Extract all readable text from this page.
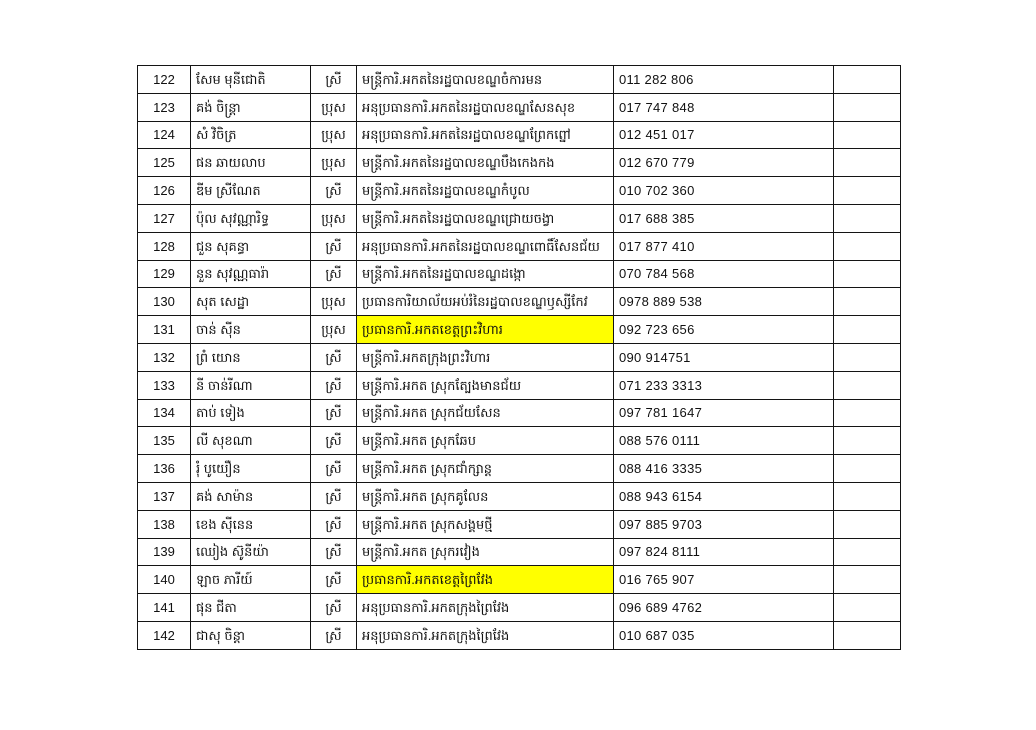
122	សែម មុនីជោតិ	ស្រី	មន្ត្រីការិ.អកតនៃរដ្ឋបាលខណ្ឌចំការមន	011 282 806	
123	គង់ ចិន្ត្រា	ប្រុស	អនុប្រធានការិ.អកតនៃរដ្ឋបាលខណ្ឌសែនសុខ	017 747 848	
124	សំ វិចិត្រ	ប្រុស	អនុប្រធានការិ.អកតនៃរដ្ឋបាលខណ្ឌព្រែកព្នៅ	012 451 017	
125	ផន ឆាយលាប	ប្រុស	មន្ត្រីការិ.អកតនៃរដ្ឋបាលខណ្ឌបឹងកេងកង	012 670 779	
126	ឌីម ស្រីណែត	ស្រី	មន្ត្រីការិ.អកតនៃរដ្ឋបាលខណ្ឌកំបូល	010 702 360	
127	ប៉ុល សុវណ្ណារិទ្ធ	ប្រុស	មន្ត្រីការិ.អកតនៃរដ្ឋបាលខណ្ឌជ្រោយចង្វា	017 688 385	
128	ជួន សុគន្ធា	ស្រី	អនុប្រធានការិ.អកតនៃរដ្ឋបាលខណ្ឌពោធិ៍សែនជ័យ	017 877 410	
129	នួន សុវណ្ណធារ៉ា	ស្រី	មន្ត្រីការិ.អកតនៃរដ្ឋបាលខណ្ឌដង្កោ	070 784 568	
130	សុត សេដ្ឋា	ប្រុស	ប្រធានការិយាល័យអប់រំនៃរដ្ឋបាលខណ្ឌឫស្សីកែវ	0978 889 538	
131	ចាន់ ស៊ីន	ប្រុស	ប្រធានការិ.អកតខេត្តព្រះវិហារ	092 723 656	
132	ព្រំ យោន	ស្រី	មន្ត្រីការិ.អកតក្រុងព្រះវិហារ	090 914751	
133	នី ចាន់រីណា	ស្រី	មន្ត្រីការិ.អកត ស្រុកត្បែងមានជ័យ	071 233 3313	
134	តាប់ ទៀង	ស្រី	មន្ត្រីការិ.អកត ស្រុកជ័យសែន	097 781 1647	
135	លី សុខណា	ស្រី	មន្ត្រីការិ.អកត ស្រុកឆែប	088 576 0111	
136	រ៉ំ បូយឿន	ស្រី	មន្ត្រីការិ.អកត ស្រុកជាំក្សាន្ត	088 416 3335	
137	គង់ សាម៉ាន	ស្រី	មន្ត្រីការិ.អកត ស្រុកគូលែន	088 943 6154	
138	ខេង ស៊ីនេន	ស្រី	មន្ត្រីការិ.អកត ស្រុកសង្គមថ្មី	097 885 9703	
139	ឈៀង ស៊ូនីយ៉ា	ស្រី	មន្ត្រីការិ.អកត ស្រុករវៀង	097 824 8111	
140	ឡាច ភារីយ៍	ស្រី	ប្រធានការិ.អកតខេត្តព្រៃវែង	016 765 907	
141	ផុន ជីតា	ស្រី	អនុប្រធានការិ.អកតក្រុងព្រៃវែង	096 689 4762	
142	ជាសុ ចិន្តា	ស្រី	អនុប្រធានការិ.អកតក្រុងព្រៃវែង	010 687 035	
